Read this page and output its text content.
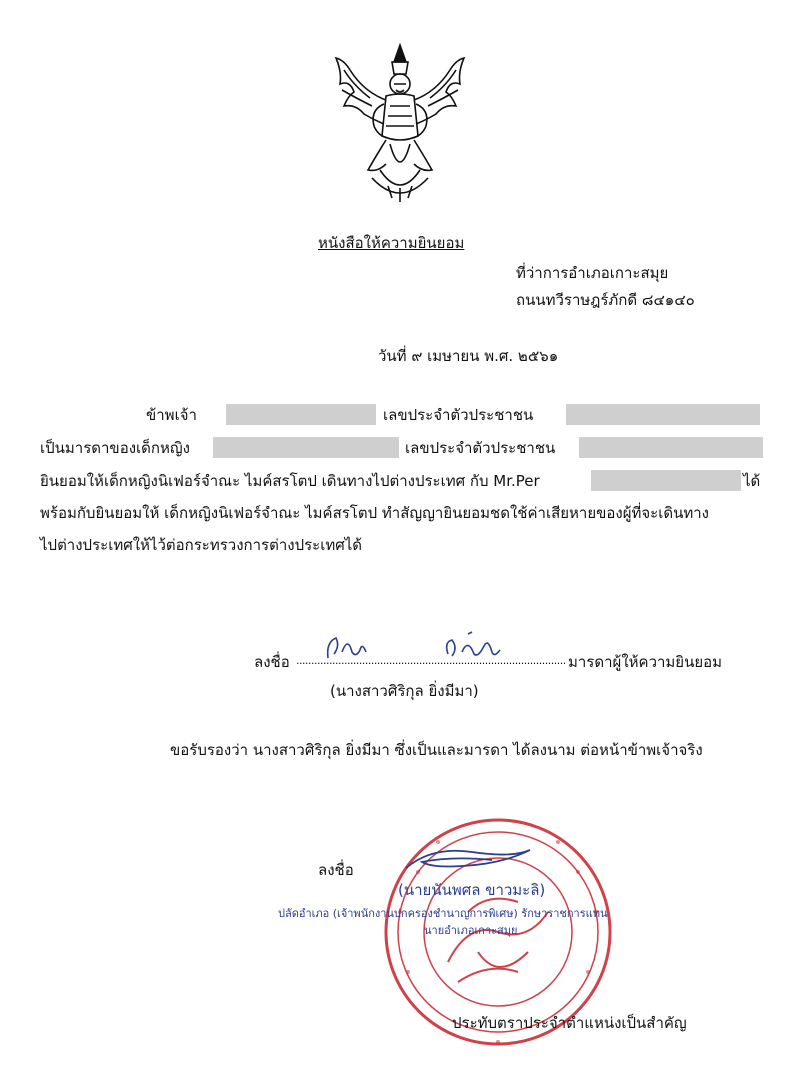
หนังสือให้ความยินยอม
ที่ว่าการอำเภอเกาะสมุย
ถนนทวีราษฎร์ภักดี ๘๔๑๔๐
วันที่ ๙ เมษายน พ.ศ. ๒๕๖๑
ข้าพเจ้า	เลขประจำตัวประชาชน
เป็นมารดาของเด็กหญิง	เลขประจำตัวประชาชน
ยินยอมให้เด็กหญิงนิเฟอร์จำณะ ไมค์สรโตป เดินทางไปต่างประเทศ กับ Mr.Per	ได้
พร้อมกับยินยอมให้ เด็กหญิงนิเฟอร์จำณะ ไมค์สรโตป ทำสัญญายินยอมชดใช้ค่าเสียหายของผู้ที่จะเดินทาง
ไปต่างประเทศให้ไว้ต่อกระทรวงการต่างประเทศได้
ลงชื่อ .......................................................................................... มารดาผู้ให้ความยินยอม
(นางสาวศิริกุล ยิ่งมีมา)
ขอรับรองว่า นางสาวศิริกุล ยิ่งมีมา ซึ่งเป็นและมารดา ได้ลงนาม ต่อหน้าข้าพเจ้าจริง
ลงชื่อ
(นายนันพศล ขาวมะลิ)
ปลัดอำเภอ (เจ้าพนักงานปกครองชำนาญการพิเศษ) รักษาราชการแทน
นายอำเภอเกาะสมุย
ประทับตราประจำตำแหน่งเป็นสำคัญ
